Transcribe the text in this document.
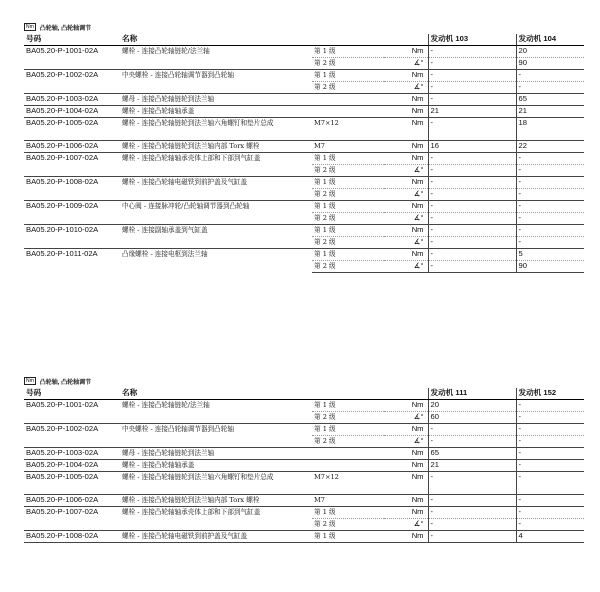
Nm	凸轮轴, 凸轮轴调节
号码	名称			发动机 103	发动机 104
BA05.20-P-1001-02A	螺栓 - 连接凸轮轴链轮/法兰轴	第 1 级	Nm	-	20
		第 2 级	∡°	-	90
BA05.20-P-1002-02A	中央螺栓 - 连接凸轮轴调节器到凸轮轴	第 1 级	Nm	-	-
		第 2 级	∡°	-	-
BA05.20-P-1003-02A	螺母 - 连接凸轮轴链轮到法兰轴		Nm	-	65
BA05.20-P-1004-02A	螺栓 - 连接凸轮轴轴承盖		Nm	21	21
BA05.20-P-1005-02A	螺栓 - 连接凸轮轴链轮到法兰轴六角螺钉和垫片总成	M7×12	Nm	-	18
BA05.20-P-1006-02A	螺栓 - 连接凸轮轴链轮到法兰轴内部 Torx 螺栓	M7	Nm	16	22
BA05.20-P-1007-02A	螺栓 - 连接凸轮轴轴承壳体上部和下部到气缸盖	第 1 级	Nm	-	-
		第 2 级	∡°	-	-
BA05.20-P-1008-02A	螺栓 - 连接凸轮轴电磁铁到前护盖及气缸盖	第 1 级	Nm	-	-
		第 2 级	∡°	-	-
BA05.20-P-1009-02A	中心阀 - 连接脉冲轮/凸轮轴调节器到凸轮轴	第 1 级	Nm	-	-
		第 2 级	∡°	-	-
BA05.20-P-1010-02A	螺栓 - 连接副轴承盖到气缸盖	第 1 级	Nm	-	-
		第 2 级	∡°	-	-
BA05.20-P-1011-02A	凸缘螺栓 - 连接电枢到法兰轴	第 1 级	Nm	-	5
		第 2 级	∡°	-	90
Nm	凸轮轴, 凸轮轴调节
号码	名称			发动机 111	发动机 152
BA05.20-P-1001-02A	螺栓 - 连接凸轮轴链轮/法兰轴	第 1 级	Nm	20	-
		第 2 级	∡°	60	-
BA05.20-P-1002-02A	中央螺栓 - 连接凸轮轴调节器到凸轮轴	第 1 级	Nm	-	-
		第 2 级	∡°	-	-
BA05.20-P-1003-02A	螺母 - 连接凸轮轴链轮到法兰轴		Nm	65	-
BA05.20-P-1004-02A	螺栓 - 连接凸轮轴轴承盖		Nm	21	-
BA05.20-P-1005-02A	螺栓 - 连接凸轮轴链轮到法兰轴六角螺钉和垫片总成	M7×12	Nm	-	-
BA05.20-P-1006-02A	螺栓 - 连接凸轮轴链轮到法兰轴内部 Torx 螺栓	M7	Nm	-	-
BA05.20-P-1007-02A	螺栓 - 连接凸轮轴轴承壳体上部和下部到气缸盖	第 1 级	Nm	-	-
		第 2 级	∡°	-	-
BA05.20-P-1008-02A	螺栓 - 连接凸轮轴电磁铁到前护盖及气缸盖	第 1 级	Nm	-	4
